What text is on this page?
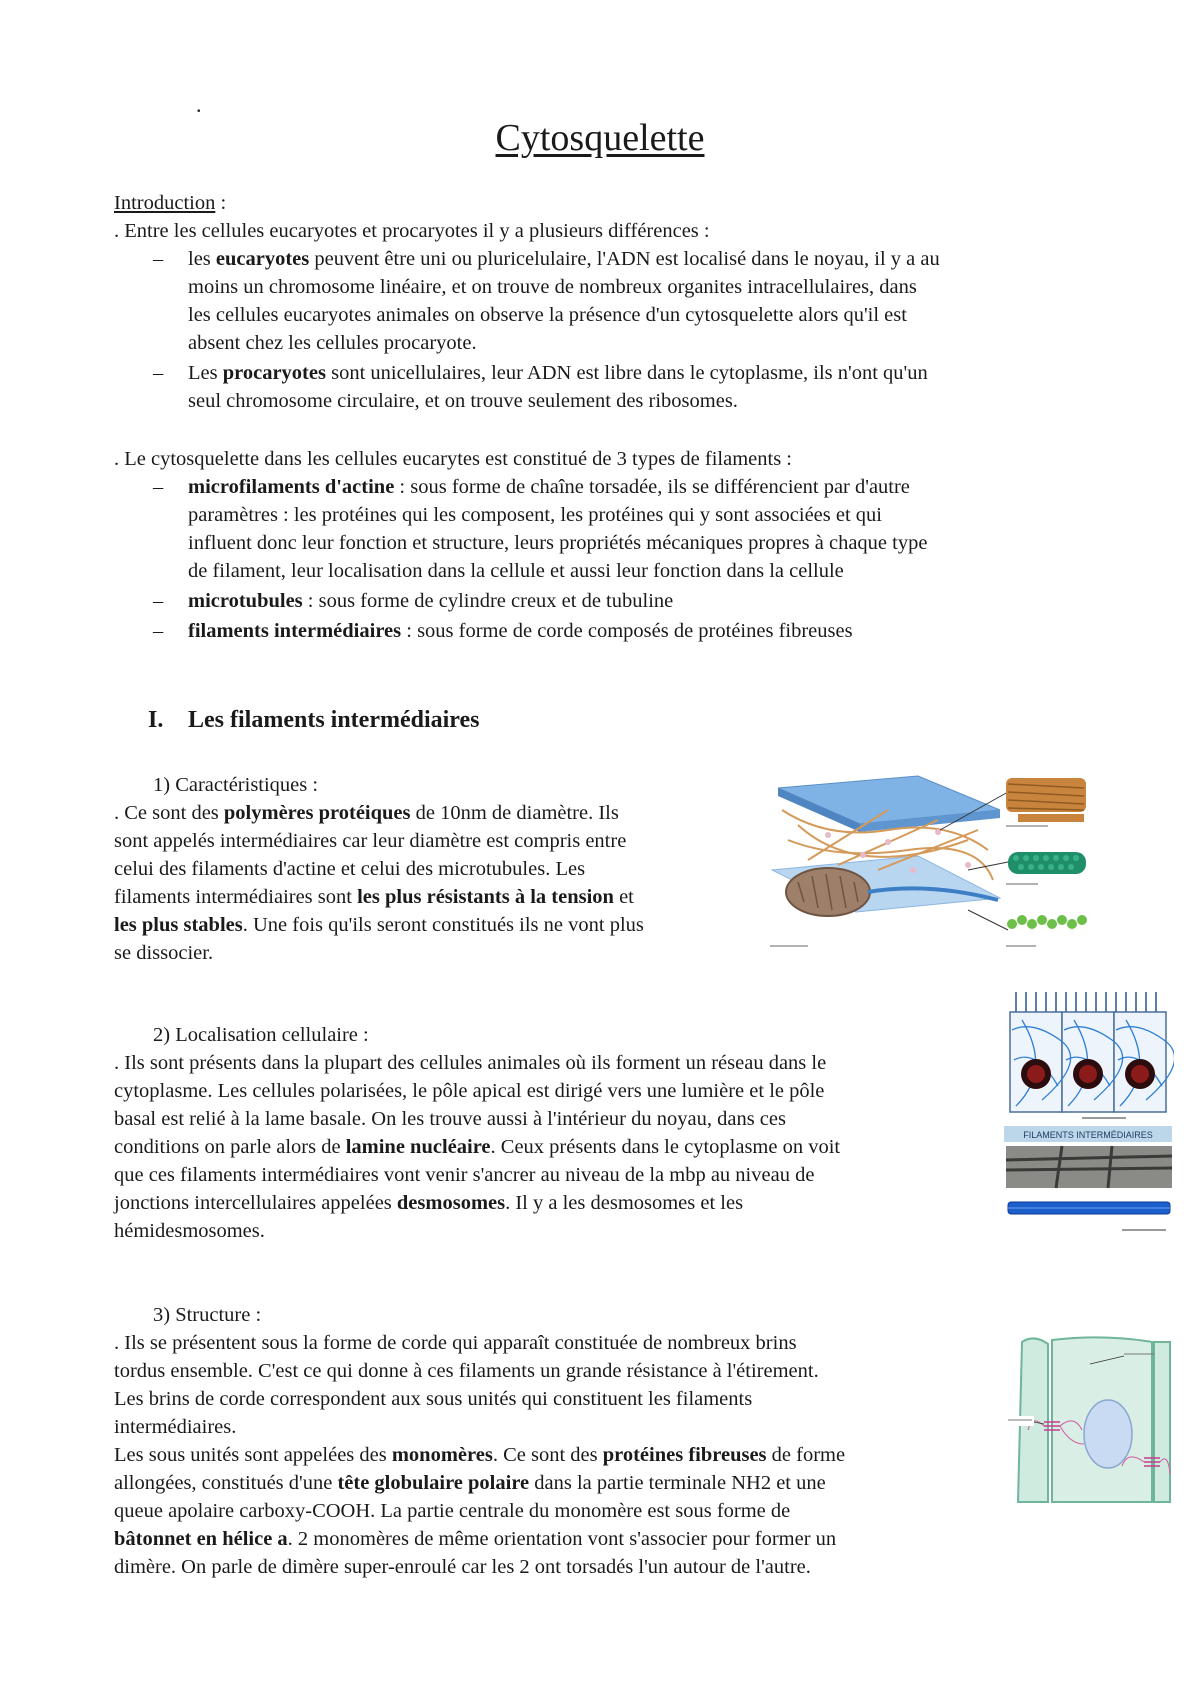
.
Cytosquelette
Introduction :
. Entre les cellules eucaryotes et procaryotes il y a plusieurs différences :
– les eucaryotes peuvent être uni ou pluricelulaire, l'ADN est localisé dans le noyau, il y a au
moins un chromosome linéaire, et on trouve de nombreux organites intracellulaires, dans
les cellules eucaryotes animales on observe la présence d'un cytosquelette alors qu'il est
absent chez les cellules procaryote.
– Les procaryotes sont unicellulaires, leur ADN est libre dans le cytoplasme, ils n'ont qu'un
seul chromosome circulaire, et on trouve seulement des ribosomes.
. Le cytosquelette dans les cellules eucarytes est constitué de 3 types de filaments :
– microfilaments d'actine : sous forme de chaîne torsadée, ils se différencient par d'autre
paramètres : les protéines qui les composent, les protéines qui y sont associées et qui
influent donc leur fonction et structure, leurs propriétés mécaniques propres à chaque type
de filament, leur localisation dans la cellule et aussi leur fonction dans la cellule
– microtubules : sous forme de cylindre creux et de tubuline
– filaments intermédiaires : sous forme de corde composés de protéines fibreuses
I. Les filaments intermédiaires
1) Caractéristiques :
. Ce sont des polymères protéiques de 10nm de diamètre. Ils
sont appelés intermédiaires car leur diamètre est compris entre
celui des filaments d'actine et celui des microtubules. Les
filaments intermédiaires sont les plus résistants à la tension et
les plus stables. Une fois qu'ils seront constitués ils ne vont plus
se dissocier.
2) Localisation cellulaire :
. Ils sont présents dans la plupart des cellules animales où ils forment un réseau dans le
cytoplasme. Les cellules polarisées, le pôle apical est dirigé vers une lumière et le pôle
basal est relié à la lame basale. On les trouve aussi à l'intérieur du noyau, dans ces
conditions on parle alors de lamine nucléaire. Ceux présents dans le cytoplasme on voit
que ces filaments intermédiaires vont venir s'ancrer au niveau de la mbp au niveau de
jonctions intercellulaires appelées desmosomes. Il y a les desmosomes et les
hémidesmosomes.
FILAMENTS INTERMÉDIAIRES
3) Structure :
. Ils se présentent sous la forme de corde qui apparaît constituée de nombreux brins
tordus ensemble. C'est ce qui donne à ces filaments un grande résistance à l'étirement.
Les brins de corde correspondent aux sous unités qui constituent les filaments
intermédiaires.
Les sous unités sont appelées des monomères. Ce sont des protéines fibreuses de forme
allongées, constitués d'une tête globulaire polaire dans la partie terminale NH2 et une
queue apolaire carboxy-COOH. La partie centrale du monomère est sous forme de
bâtonnet en hélice a. 2 monomères de même orientation vont s'associer pour former un
dimère. On parle de dimère super-enroulé car les 2 ont torsadés l'un autour de l'autre.
